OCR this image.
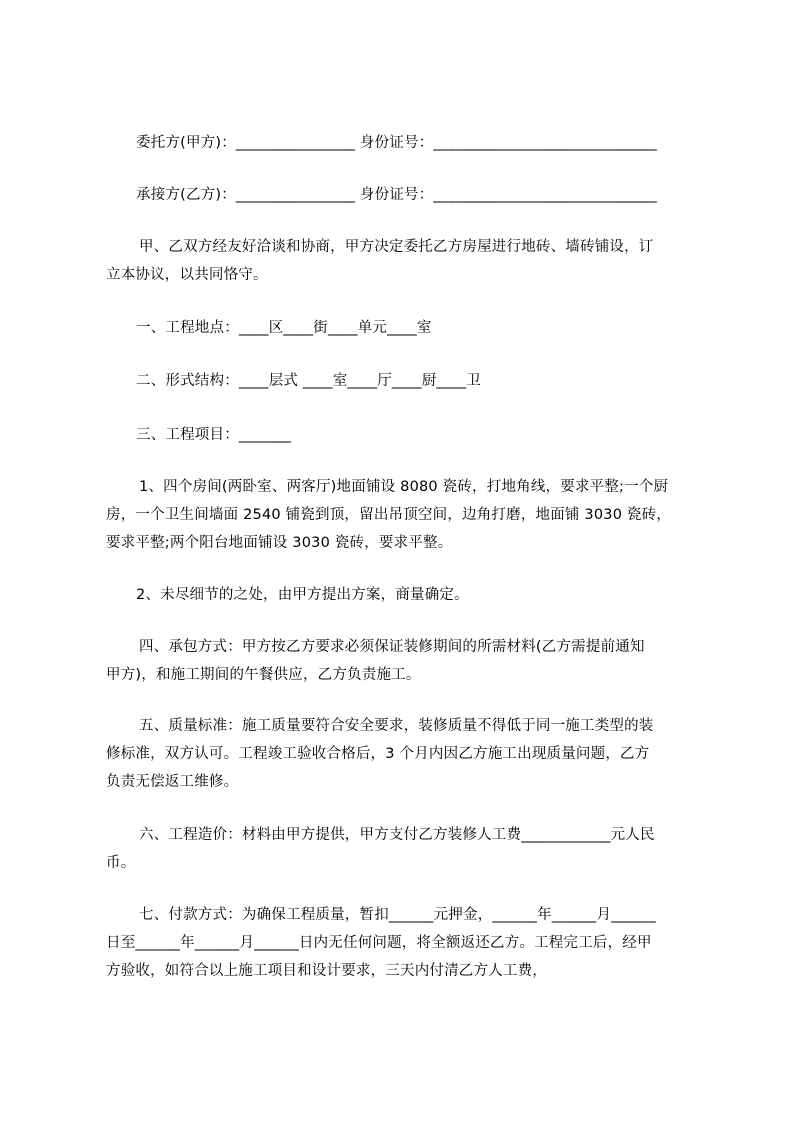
委托方(甲方)：________________ 身份证号：______________________________
承接方(乙方)：________________ 身份证号：______________________________
甲、乙双方经友好洽谈和协商，甲方决定委托乙方房屋进行地砖、墙砖铺设，订
立本协议，以共同恪守。
一、工程地点：____区____街____单元____室
二、形式结构：____层式 ____室____厅____厨____卫
三、工程项目：_______
1、四个房间(两卧室、两客厅)地面铺设 8080 瓷砖，打地角线，要求平整;一个厨
房，一个卫生间墙面 2540 铺瓷到顶，留出吊顶空间，边角打磨，地面铺 3030 瓷砖，
要求平整;两个阳台地面铺设 3030 瓷砖，要求平整。
2、未尽细节的之处，由甲方提出方案，商量确定。
四、承包方式：甲方按乙方要求必须保证装修期间的所需材料(乙方需提前通知
甲方)，和施工期间的午餐供应，乙方负责施工。
五、质量标准：施工质量要符合安全要求，装修质量不得低于同一施工类型的装
修标准，双方认可。工程竣工验收合格后，3 个月内因乙方施工出现质量问题，乙方
负责无偿返工维修。
六、工程造价：材料由甲方提供，甲方支付乙方装修人工费____________元人民
币。
七、付款方式：为确保工程质量，暂扣______元押金，______年______月______
日至______年______月______日内无任何问题，将全额返还乙方。工程完工后，经甲
方验收，如符合以上施工项目和设计要求，三天内付清乙方人工费，
